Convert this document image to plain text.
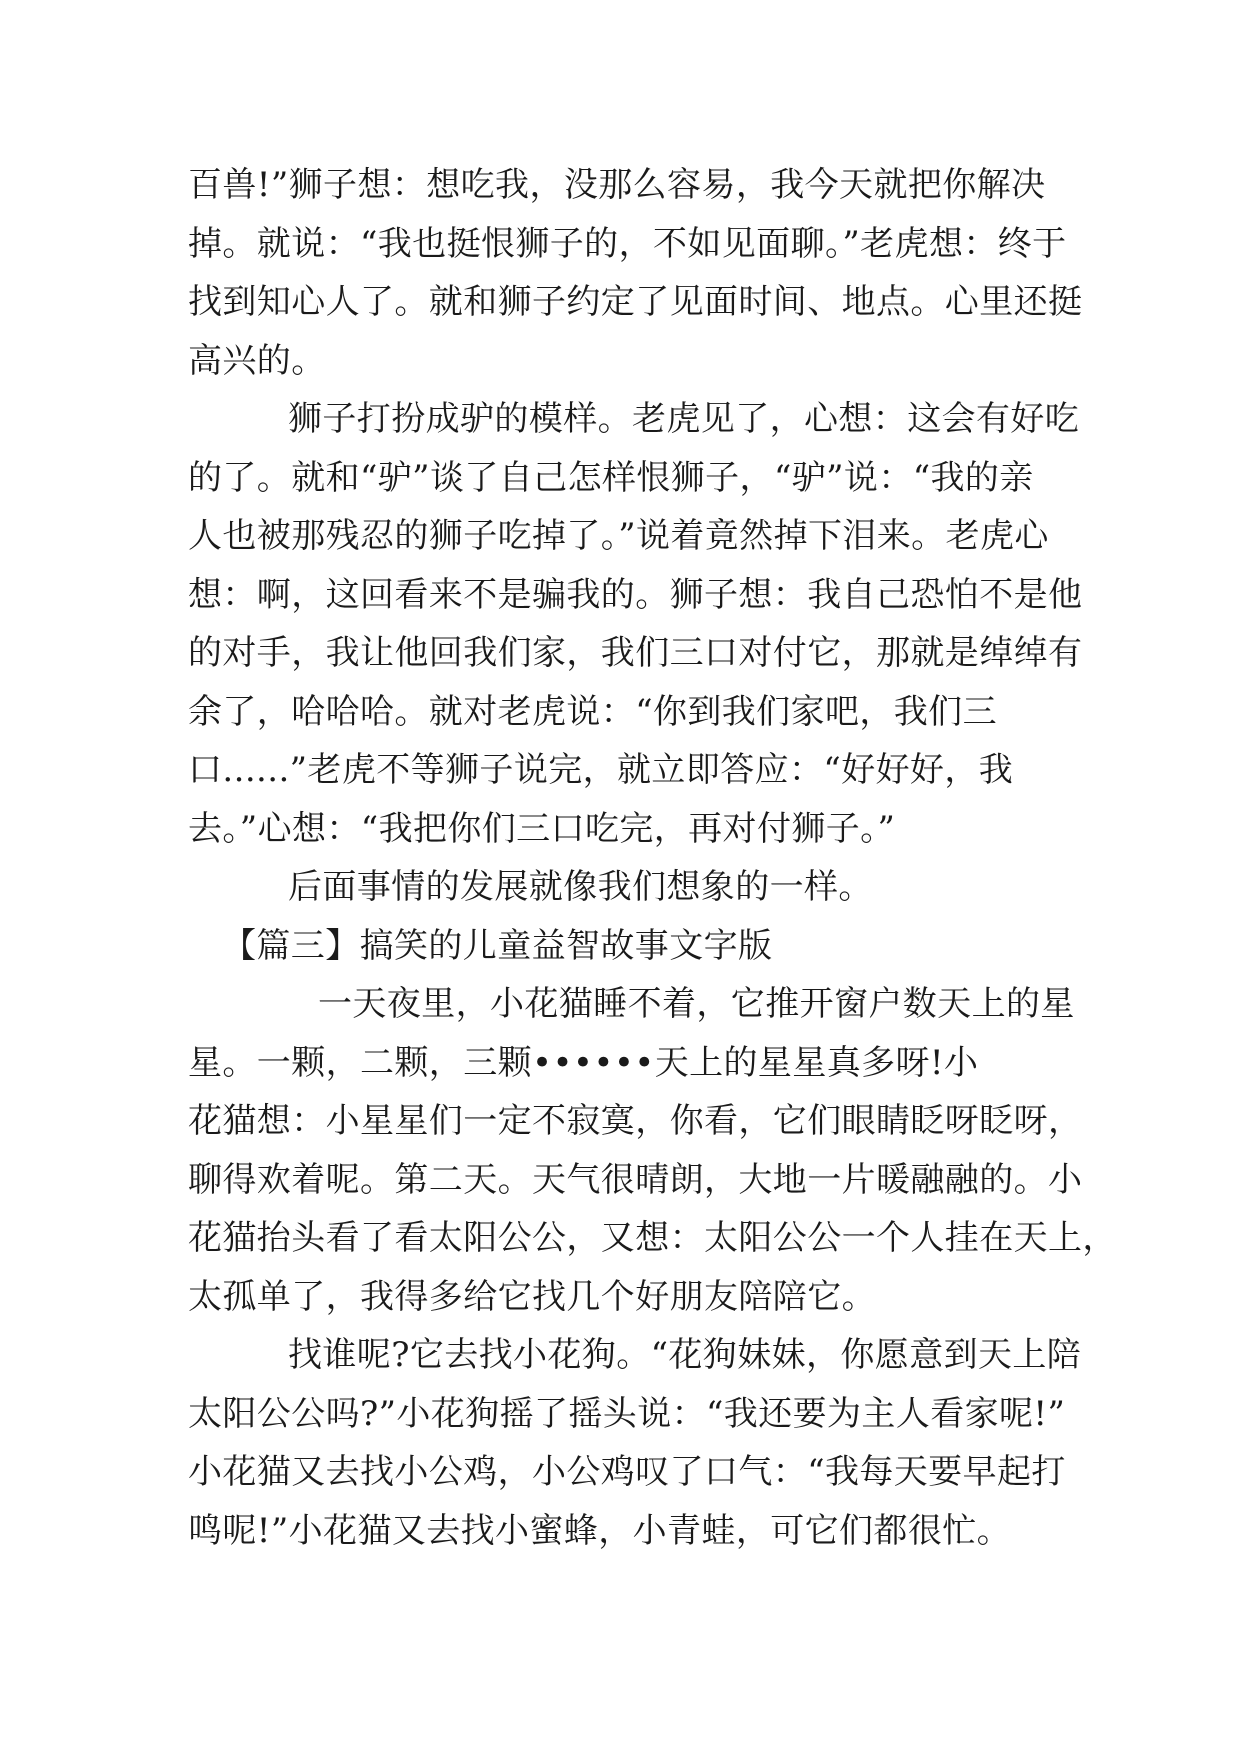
百兽!”狮子想：想吃我，没那么容易，我今天就把你解决
掉。就说：“我也挺恨狮子的，不如见面聊。”老虎想：终于
找到知心人了。就和狮子约定了见面时间、地点。心里还挺
高兴的。
狮子打扮成驴的模样。老虎见了，心想：这会有好吃
的了。就和“驴”谈了自己怎样恨狮子，“驴”说：“我的亲
人也被那残忍的狮子吃掉了。”说着竟然掉下泪来。老虎心
想：啊，这回看来不是骗我的。狮子想：我自己恐怕不是他
的对手，我让他回我们家，我们三口对付它，那就是绰绰有
余了，哈哈哈。就对老虎说：“你到我们家吧，我们三
口......”老虎不等狮子说完，就立即答应：“好好好，我
去。”心想：“我把你们三口吃完，再对付狮子。”
后面事情的发展就像我们想象的一样。
【篇三】搞笑的儿童益智故事文字版
一天夜里，小花猫睡不着，它推开窗户数天上的星
星。一颗，二颗，三颗••••••天上的星星真多呀!小
花猫想：小星星们一定不寂寞，你看，它们眼睛眨呀眨呀，
聊得欢着呢。第二天。天气很晴朗，大地一片暖融融的。小
花猫抬头看了看太阳公公，又想：太阳公公一个人挂在天上，
太孤单了，我得多给它找几个好朋友陪陪它。
找谁呢?它去找小花狗。“花狗妹妹，你愿意到天上陪
太阳公公吗?”小花狗摇了摇头说：“我还要为主人看家呢!”
小花猫又去找小公鸡，小公鸡叹了口气：“我每天要早起打
鸣呢!”小花猫又去找小蜜蜂，小青蛙，可它们都很忙。
